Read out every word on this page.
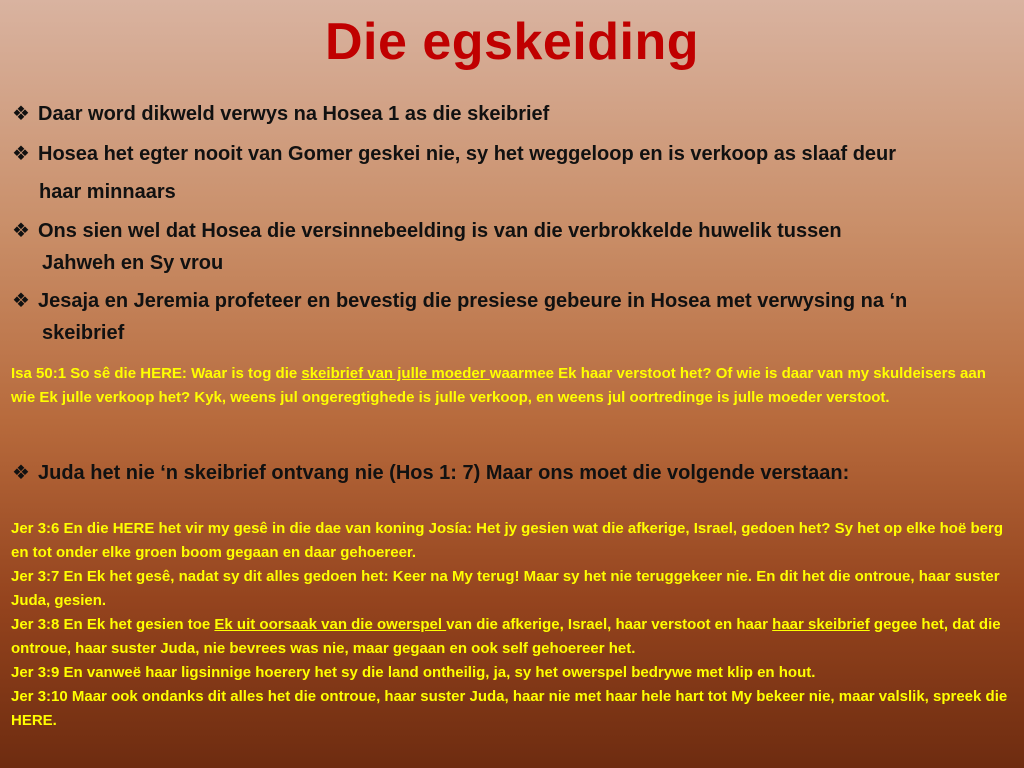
Die egskeiding
❖ Daar word dikweld verwys na Hosea 1 as die skeibrief
❖ Hosea het egter nooit van Gomer geskei nie, sy het weggeloop en is verkoop as slaaf deur
haar minnaars
❖ Ons sien wel dat Hosea die versinnebeelding is van die verbrokkelde huwelik tussen
Jahweh en Sy vrou
❖ Jesaja en Jeremia profeteer en bevestig die presiese gebeure in Hosea met verwysing na ‘n
skeibrief
Isa 50:1 So sê die HERE: Waar is tog die skeibrief van julle moeder waarmee Ek haar verstoot het? Of wie is daar van my skuldeisers aan wie Ek julle verkoop het? Kyk, weens jul ongeregtighede is julle verkoop, en weens jul oortredinge is julle moeder verstoot.
❖ Juda het nie ‘n skeibrief ontvang nie (Hos 1: 7) Maar ons moet die volgende verstaan:
Jer 3:6 En die HERE het vir my gesê in die dae van koning Josía: Het jy gesien wat die afkerige, Israel, gedoen het? Sy het op elke hoë berg en tot onder elke groen boom gegaan en daar gehoereer.
Jer 3:7 En Ek het gesê, nadat sy dit alles gedoen het: Keer na My terug! Maar sy het nie teruggekeer nie. En dit het die ontroue, haar suster Juda, gesien.
Jer 3:8 En Ek het gesien toe Ek uit oorsaak van die owerspel van die afkerige, Israel, haar verstoot en haar haar skeibrief gegee het, dat die ontroue, haar suster Juda, nie bevrees was nie, maar gegaan en ook self gehoereer het.
Jer 3:9 En vanweë haar ligsinnige hoerery het sy die land ontheilig, ja, sy het owerspel bedrywe met klip en hout.
Jer 3:10 Maar ook ondanks dit alles het die ontroue, haar suster Juda, haar nie met haar hele hart tot My bekeer nie, maar valslik, spreek die HERE.
